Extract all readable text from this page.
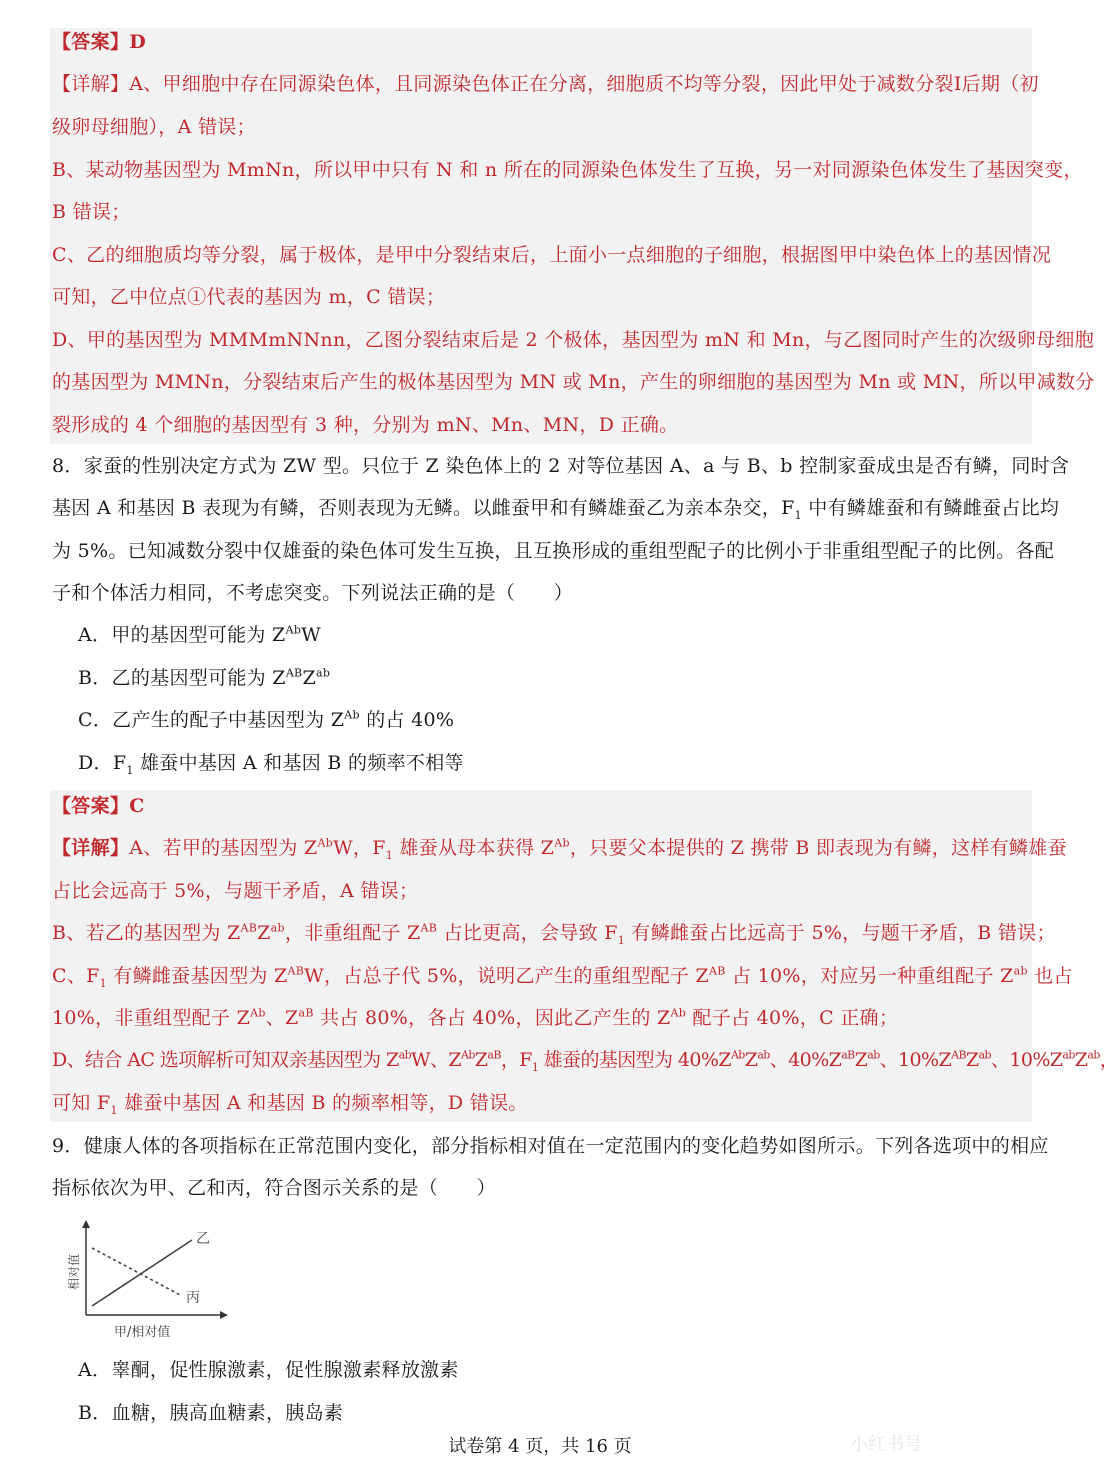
【答案】D
【详解】A、甲细胞中存在同源染色体，且同源染色体正在分离，细胞质不均等分裂，因此甲处于减数分裂Ⅰ后期（初
级卵母细胞），A 错误；
B、某动物基因型为 MmNn，所以甲中只有 N 和 n 所在的同源染色体发生了互换，另一对同源染色体发生了基因突变，
B 错误；
C、乙的细胞质均等分裂，属于极体，是甲中分裂结束后，上面小一点细胞的子细胞，根据图甲中染色体上的基因情况
可知，乙中位点①代表的基因为 m，C 错误；
D、甲的基因型为 MMMmNNnn，乙图分裂结束后是 2 个极体，基因型为 mN 和 Mn，与乙图同时产生的次级卵母细胞
的基因型为 MMNn，分裂结束后产生的极体基因型为 MN 或 Mn，产生的卵细胞的基因型为 Mn 或 MN，所以甲减数分
裂形成的 4 个细胞的基因型有 3 种，分别为 mN、Mn、MN，D 正确。
8．家蚕的性别决定方式为 ZW 型。只位于 Z 染色体上的 2 对等位基因 A、a 与 B、b 控制家蚕成虫是否有鳞，同时含
基因 A 和基因 B 表现为有鳞，否则表现为无鳞。以雌蚕甲和有鳞雄蚕乙为亲本杂交，$F_1$ 中有鳞雄蚕和有鳞雌蚕占比均
为 5%。已知减数分裂中仅雄蚕的染色体可发生互换，且互换形成的重组型配子的比例小于非重组型配子的比例。各配
子和个体活力相同，不考虑突变。下列说法正确的是（　　）
A．甲的基因型可能为 $Z^{Ab}W$
B．乙的基因型可能为 $Z^{AB}Z^{ab}$
C．乙产生的配子中基因型为 $Z^{Ab}$ 的占 40%
D．$F_1$ 雄蚕中基因 A 和基因 B 的频率不相等
【答案】C
【详解】A、若甲的基因型为 $Z^{Ab}W$，$F_1$ 雄蚕从母本获得 $Z^{Ab}$，只要父本提供的 Z 携带 B 即表现为有鳞，这样有鳞雄蚕
占比会远高于 5%，与题干矛盾，A 错误；
B、若乙的基因型为 $Z^{AB}Z^{ab}$，非重组配子 $Z^{AB}$ 占比更高，会导致 $F_1$ 有鳞雌蚕占比远高于 5%，与题干矛盾，B 错误；
C、$F_1$ 有鳞雌蚕基因型为 $Z^{AB}W$，占总子代 5%，说明乙产生的重组型配子 $Z^{AB}$ 占 10%，对应另一种重组配子 $Z^{ab}$ 也占
10%，非重组型配子 $Z^{Ab}$、$Z^{aB}$ 共占 80%，各占 40%，因此乙产生的 $Z^{Ab}$ 配子占 40%，C 正确；
D、结合 AC 选项解析可知双亲基因型为 $Z^{ab}W$、$Z^{Ab}Z^{aB}$，$F_1$ 雄蚕的基因型为 $40\%Z^{Ab}Z^{ab}$、$40\%Z^{aB}Z^{ab}$、$10\%Z^{AB}Z^{ab}$、$10\%Z^{ab}Z^{ab}$，
可知 $F_1$ 雄蚕中基因 A 和基因 B 的频率相等，D 错误。
9．健康人体的各项指标在正常范围内变化，部分指标相对值在一定范围内的变化趋势如图所示。下列各选项中的相应
指标依次为甲、乙和丙，符合图示关系的是（　　）
乙
丙
相对值
甲/相对值
A．睾酮，促性腺激素，促性腺激素释放激素
B．血糖，胰高血糖素，胰岛素
试卷第 4 页，共 16 页	小红书号
